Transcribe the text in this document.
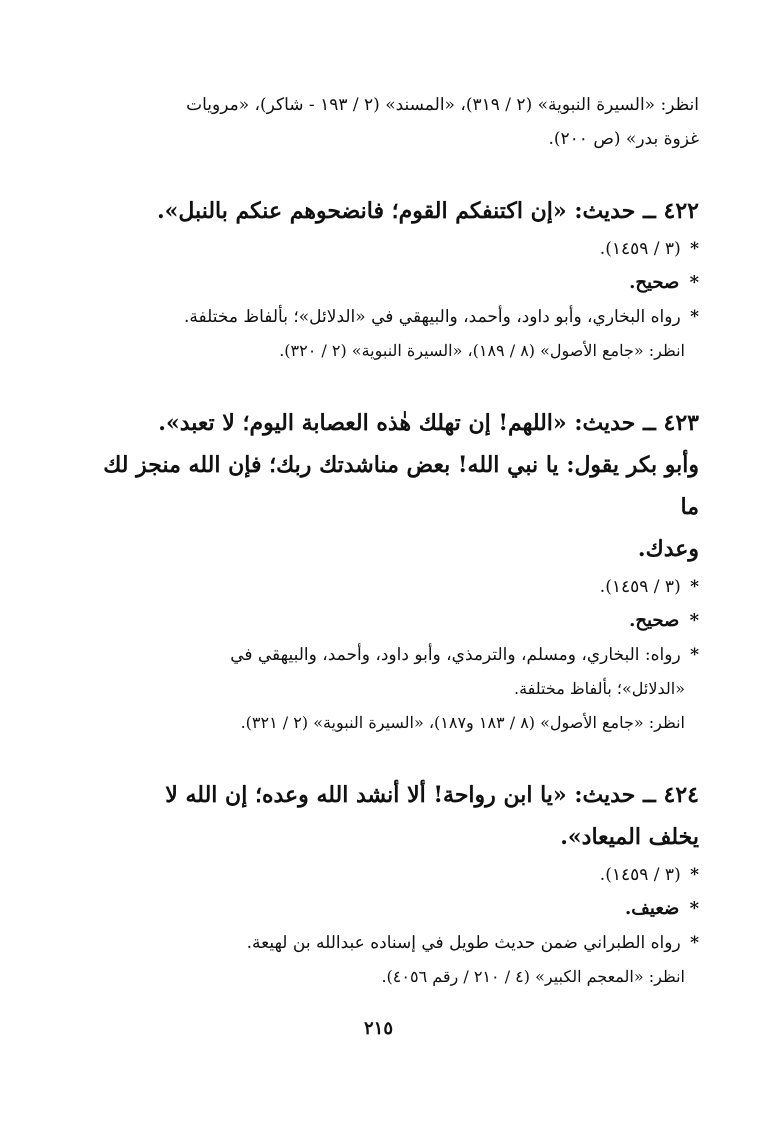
انظر: «السيرة النبوية» (٢ / ٣١٩)، «المسند» (٢ / ١٩٣ - شاكر)، «مرويات

غزوة بدر» (ص ٢٠٠).

٤٢٢ ــ حديث: «إن اكتنفكم القوم؛ فانضحوهم عنكم بالنبل».

* (٣ / ١٤٥٩).

* صحيح.

* رواه البخاري، وأبو داود، وأحمد، والبيهقي في «الدلائل»؛ بألفاظ مختلفة.

انظر: «جامع الأصول» (٨ / ١٨٩)، «السيرة النبوية» (٢ / ٣٢٠).

٤٢٣ ــ حديث: «اللهم! إن تهلك هٰذه العصابة اليوم؛ لا تعبد».

وأبو بكر يقول: يا نبي الله! بعض مناشدتك ربك؛ فإن الله منجز لك ما

وعدك.

* (٣ / ١٤٥٩).

* صحيح.

* رواه: البخاري، ومسلم، والترمذي، وأبو داود، وأحمد، والبيهقي في

«الدلائل»؛ بألفاظ مختلفة.

انظر: «جامع الأصول» (٨ / ١٨٣ و١٨٧)، «السيرة النبوية» (٢ / ٣٢١).

٤٢٤ ــ حديث: «يا ابن رواحة! ألا أنشد الله وعده؛ إن الله لا

يخلف الميعاد».

* (٣ / ١٤٥٩).

* ضعيف.

* رواه الطبراني ضمن حديث طويل في إسناده عبدالله بن لهيعة.

انظر: «المعجم الكبير» (٤ / ٢١٠ / رقم ٤٠٥٦).

٢١٥
